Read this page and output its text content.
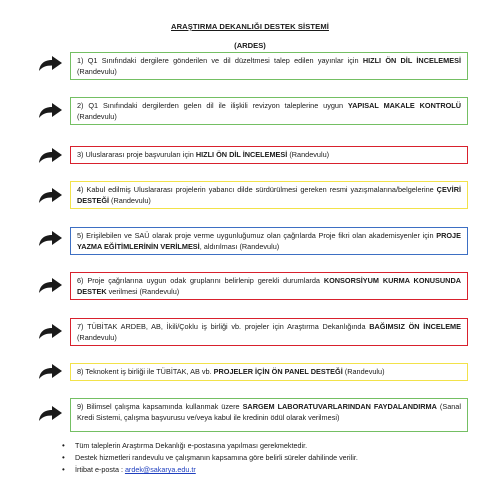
ARAŞTIRMA DEKANLIĞI DESTEK SİSTEMİ
(ARDES)
1) Q1 Sınıfındaki dergilere gönderilen ve dil düzeltmesi talep edilen yayınlar için HIZLI ÖN DİL İNCELEMESİ (Randevulu)
2) Q1 Sınıfındaki dergilerden gelen dil ile ilişkili revizyon taleplerine uygun YAPISAL MAKALE KONTROLÜ (Randevulu)
3) Uluslararası proje başvuruları için HIZLI ÖN DİL İNCELEMESİ (Randevulu)
4) Kabul edilmiş Uluslararası projelerin yabancı dilde sürdürülmesi gereken resmi yazışmalarına/belgelerine ÇEVİRİ DESTEĞİ (Randevulu)
5) Erişilebilen ve SAÜ olarak proje verme uygunluğumuz olan çağrılarda Proje fikri olan akademisyenler için PROJE YAZMA EĞİTİMLERİNİN VERİLMESİ, aldırılması (Randevulu)
6) Proje çağrılarına uygun odak gruplarını belirlenip gerekli durumlarda KONSORSİYUM KURMA KONUSUNDA DESTEK verilmesi (Randevulu)
7) TÜBİTAK ARDEB, AB, İkili/Çoklu iş birliği vb. projeler için Araştırma Dekanlığında BAĞIMSIZ ÖN İNCELEME (Randevulu)
8) Teknokent iş birliği ile TÜBİTAK, AB vb. PROJELER İÇİN ÖN PANEL DESTEĞİ (Randevulu)
9) Bilimsel çalışma kapsamında kullanmak üzere SARGEM LABORATUVARLARINDAN FAYDALANDIRMA (Sanal Kredi Sistemi, çalışma başvurusu ve/veya kabul ile kredinin ödül olarak verilmesi)
• Tüm taleplerin Araştırma Dekanlığı e-postasına yapılması gerekmektedir.
• Destek hizmetleri randevulu ve çalışmanın kapsamına göre belirli süreler dahilinde verilir.
• İrtibat e-posta : ardek@sakarya.edu.tr
